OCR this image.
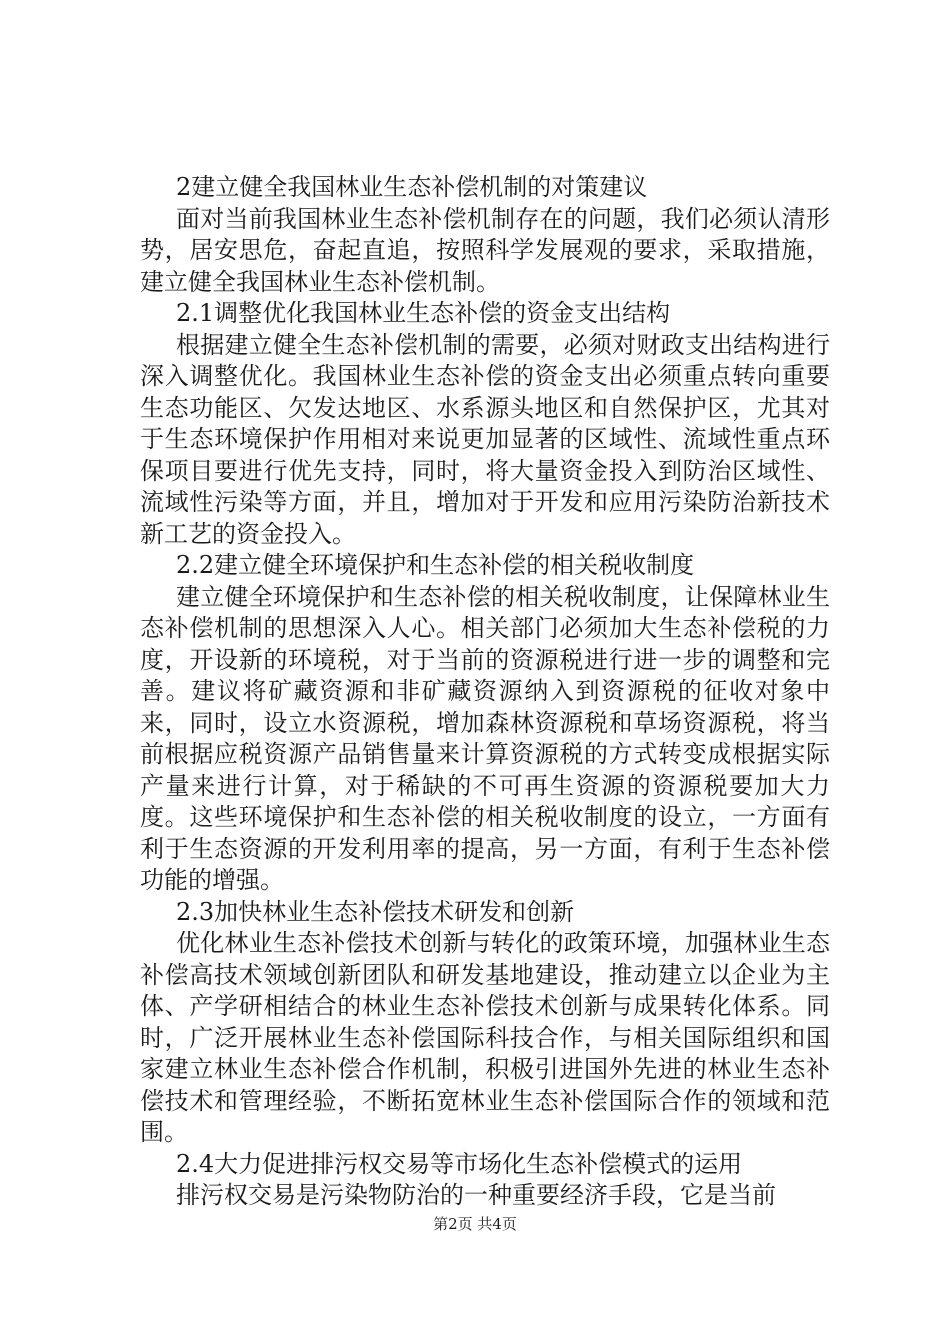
2建立健全我国林业生态补偿机制的对策建议

面对当前我国林业生态补偿机制存在的问题，我们必须认清形势，居安思危，奋起直追，按照科学发展观的要求，采取措施，建立健全我国林业生态补偿机制。

2.1调整优化我国林业生态补偿的资金支出结构

根据建立健全生态补偿机制的需要，必须对财政支出结构进行深入调整优化。我国林业生态补偿的资金支出必须重点转向重要生态功能区、欠发达地区、水系源头地区和自然保护区，尤其对于生态环境保护作用相对来说更加显著的区域性、流域性重点环保项目要进行优先支持，同时，将大量资金投入到防治区域性、流域性污染等方面，并且，增加对于开发和应用污染防治新技术新工艺的资金投入。

2.2建立健全环境保护和生态补偿的相关税收制度

建立健全环境保护和生态补偿的相关税收制度，让保障林业生态补偿机制的思想深入人心。相关部门必须加大生态补偿税的力度，开设新的环境税，对于当前的资源税进行进一步的调整和完善。建议将矿藏资源和非矿藏资源纳入到资源税的征收对象中来，同时，设立水资源税，增加森林资源税和草场资源税，将当前根据应税资源产品销售量来计算资源税的方式转变成根据实际产量来进行计算，对于稀缺的不可再生资源的资源税要加大力度。这些环境保护和生态补偿的相关税收制度的设立，一方面有利于生态资源的开发利用率的提高，另一方面，有利于生态补偿功能的增强。

2.3加快林业生态补偿技术研发和创新

优化林业生态补偿技术创新与转化的政策环境，加强林业生态补偿高技术领域创新团队和研发基地建设，推动建立以企业为主体、产学研相结合的林业生态补偿技术创新与成果转化体系。同时，广泛开展林业生态补偿国际科技合作，与相关国际组织和国家建立林业生态补偿合作机制，积极引进国外先进的林业生态补偿技术和管理经验，不断拓宽林业生态补偿国际合作的领域和范围。

2.4大力促进排污权交易等市场化生态补偿模式的运用

排污权交易是污染物防治的一种重要经济手段，它是当前

第2页 共4页
